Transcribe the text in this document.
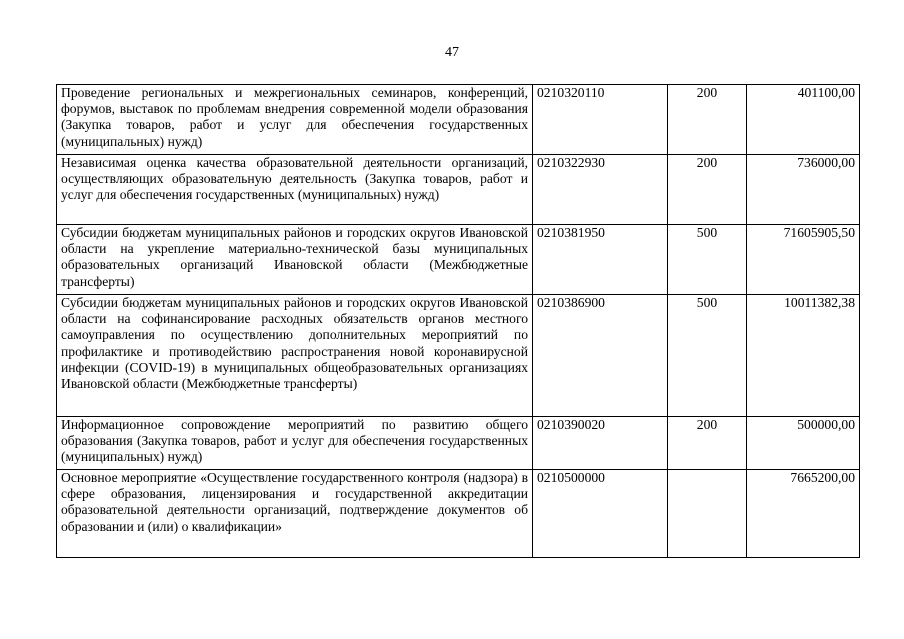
47
Проведение региональных и межрегиональных семинаров, конференций, форумов, выставок по проблемам внедрения современной модели образования (Закупка товаров, работ и услуг для обеспечения государственных (муниципальных) нужд)	0210320110	200	401100,00
Независимая оценка качества образовательной деятельности организаций, осуществляющих образовательную деятельность (Закупка товаров, работ и услуг для обеспечения государственных (муниципальных) нужд)	0210322930	200	736000,00
Субсидии бюджетам муниципальных районов и городских округов Ивановской области на укрепление материально-технической базы муниципальных образовательных организаций Ивановской области (Межбюджетные трансферты)	0210381950	500	71605905,50
Субсидии бюджетам муниципальных районов и городских округов Ивановской области на софинансирование расходных обязательств органов местного самоуправления по осуществлению дополнительных мероприятий по профилактике и противодействию распространения новой коронавирусной инфекции (COVID-19) в муниципальных общеобразовательных организациях Ивановской области (Межбюджетные трансферты)	0210386900	500	10011382,38
Информационное сопровождение мероприятий по развитию общего образования (Закупка товаров, работ и услуг для обеспечения государственных (муниципальных) нужд)	0210390020	200	500000,00
Основное мероприятие «Осуществление государственного контроля (надзора) в сфере образования, лицензирования и государственной аккредитации образовательной деятельности организаций, подтверждение документов об образовании и (или) о квалификации»	0210500000		7665200,00
